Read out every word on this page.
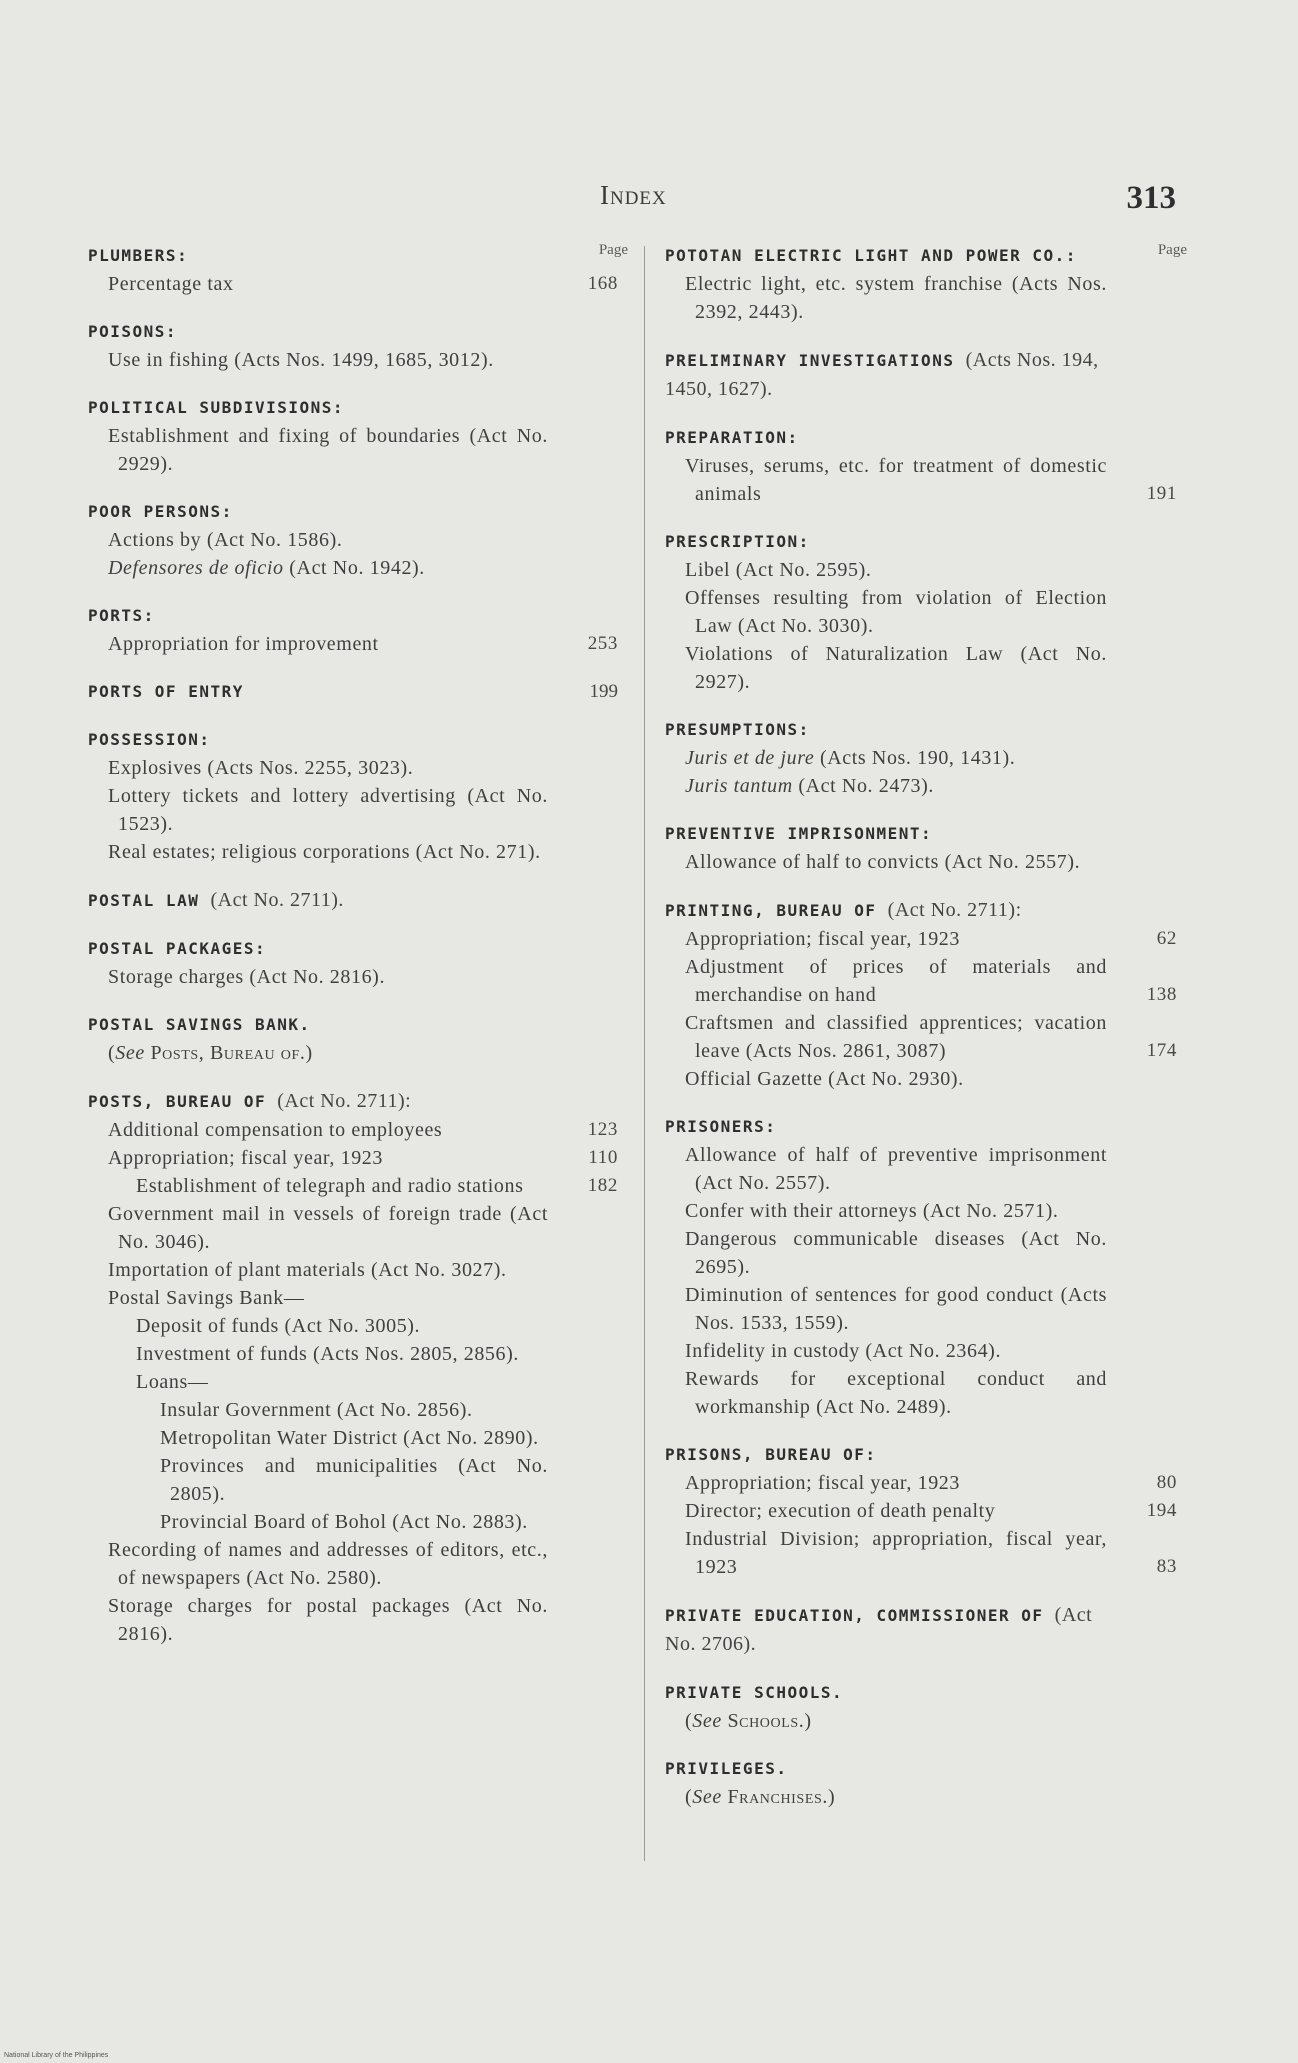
Index	313
Page
PLUMBERS:
Percentage tax	168
POISONS:
Use in fishing (Acts Nos. 1499, 1685, 3012).
POLITICAL SUBDIVISIONS:
Establishment and fixing of boundaries (Act No. 2929).
POOR PERSONS:
Actions by (Act No. 1586).
Defensores de oficio (Act No. 1942).
PORTS:
Appropriation for improvement	253
PORTS OF ENTRY	199
POSSESSION:
Explosives (Acts Nos. 2255, 3023).
Lottery tickets and lottery advertising (Act No. 1523).
Real estates; religious corporations (Act No. 271).
POSTAL LAW (Act No. 2711).
POSTAL PACKAGES:
Storage charges (Act No. 2816).
POSTAL SAVINGS BANK.
(See Posts, Bureau of.)
POSTS, BUREAU OF (Act No. 2711):
Additional compensation to employees	123
Appropriation; fiscal year, 1923	110
Establishment of telegraph and radio stations	182
Government mail in vessels of foreign trade (Act No. 3046).
Importation of plant materials (Act No. 3027).
Postal Savings Bank—
Deposit of funds (Act No. 3005).
Investment of funds (Acts Nos. 2805, 2856).
Loans—
Insular Government (Act No. 2856).
Metropolitan Water District (Act No. 2890).
Provinces and municipalities (Act No. 2805).
Provincial Board of Bohol (Act No. 2883).
Recording of names and addresses of editors, etc., of newspapers (Act No. 2580).
Storage charges for postal packages (Act No. 2816).
Page
POTOTAN ELECTRIC LIGHT AND POWER CO.:
Electric light, etc. system franchise (Acts Nos. 2392, 2443).
PRELIMINARY INVESTIGATIONS (Acts Nos. 194, 1450, 1627).
PREPARATION:
Viruses, serums, etc. for treatment of domestic animals	191
PRESCRIPTION:
Libel (Act No. 2595).
Offenses resulting from violation of Election Law (Act No. 3030).
Violations of Naturalization Law (Act No. 2927).
PRESUMPTIONS:
Juris et de jure (Acts Nos. 190, 1431).
Juris tantum (Act No. 2473).
PREVENTIVE IMPRISONMENT:
Allowance of half to convicts (Act No. 2557).
PRINTING, BUREAU OF (Act No. 2711):
Appropriation; fiscal year, 1923	62
Adjustment of prices of materials and merchandise on hand	138
Craftsmen and classified apprentices; vacation leave (Acts Nos. 2861, 3087)	174
Official Gazette (Act No. 2930).
PRISONERS:
Allowance of half of preventive imprisonment (Act No. 2557).
Confer with their attorneys (Act No. 2571).
Dangerous communicable diseases (Act No. 2695).
Diminution of sentences for good conduct (Acts Nos. 1533, 1559).
Infidelity in custody (Act No. 2364).
Rewards for exceptional conduct and workmanship (Act No. 2489).
PRISONS, BUREAU OF:
Appropriation; fiscal year, 1923	80
Director; execution of death penalty	194
Industrial Division; appropriation, fiscal year, 1923	83
PRIVATE EDUCATION, COMMISSIONER OF (Act No. 2706).
PRIVATE SCHOOLS.
(See Schools.)
PRIVILEGES.
(See Franchises.)
National Library of the Philippines
